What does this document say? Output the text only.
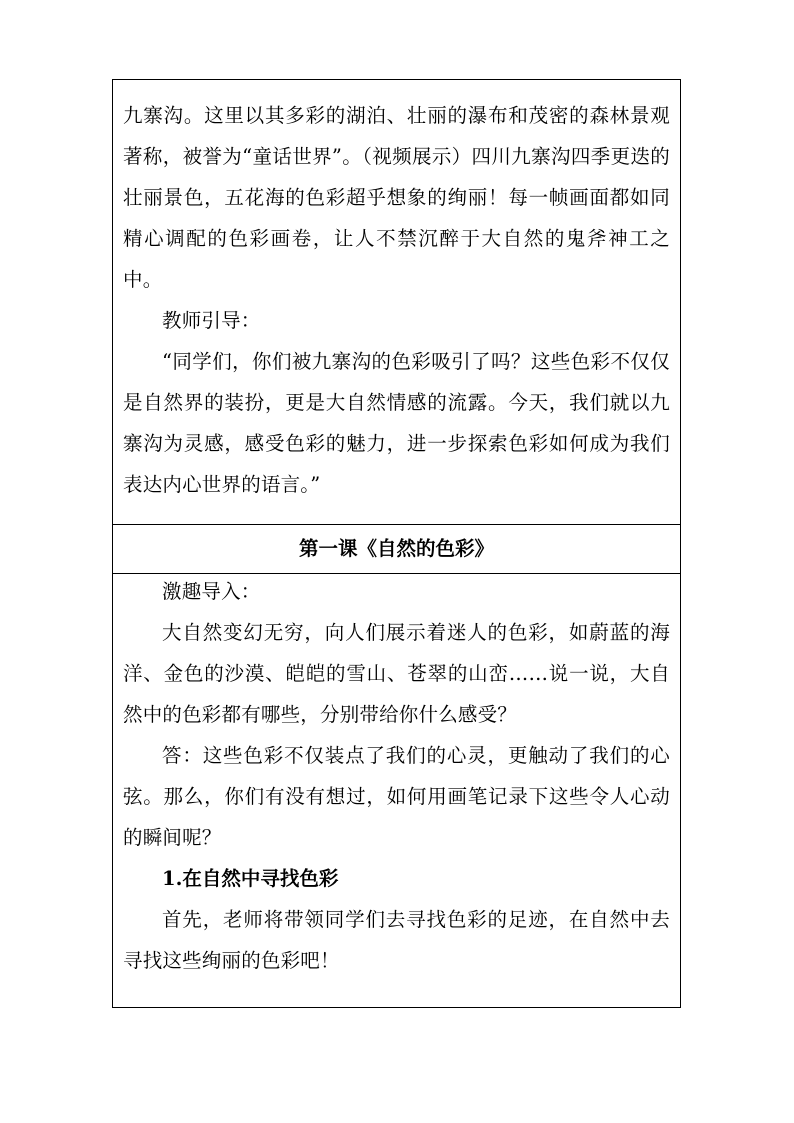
九寨沟。这里以其多彩的湖泊、壮丽的瀑布和茂密的森林景观著称，被誉为“童话世界”。（视频展示）四川九寨沟四季更迭的壮丽景色，五花海的色彩超乎想象的绚丽！每一帧画面都如同精心调配的色彩画卷，让人不禁沉醉于大自然的鬼斧神工之中。

教师引导：

“同学们，你们被九寨沟的色彩吸引了吗？这些色彩不仅仅是自然界的装扮，更是大自然情感的流露。今天，我们就以九寨沟为灵感，感受色彩的魅力，进一步探索色彩如何成为我们表达内心世界的语言。”

第一课《自然的色彩》

激趣导入：

大自然变幻无穷，向人们展示着迷人的色彩，如蔚蓝的海洋、金色的沙漠、皑皑的雪山、苍翠的山峦……说一说，大自然中的色彩都有哪些，分别带给你什么感受？

答：这些色彩不仅装点了我们的心灵，更触动了我们的心弦。那么，你们有没有想过，如何用画笔记录下这些令人心动的瞬间呢？

1.在自然中寻找色彩

首先，老师将带领同学们去寻找色彩的足迹，在自然中去寻找这些绚丽的色彩吧！
